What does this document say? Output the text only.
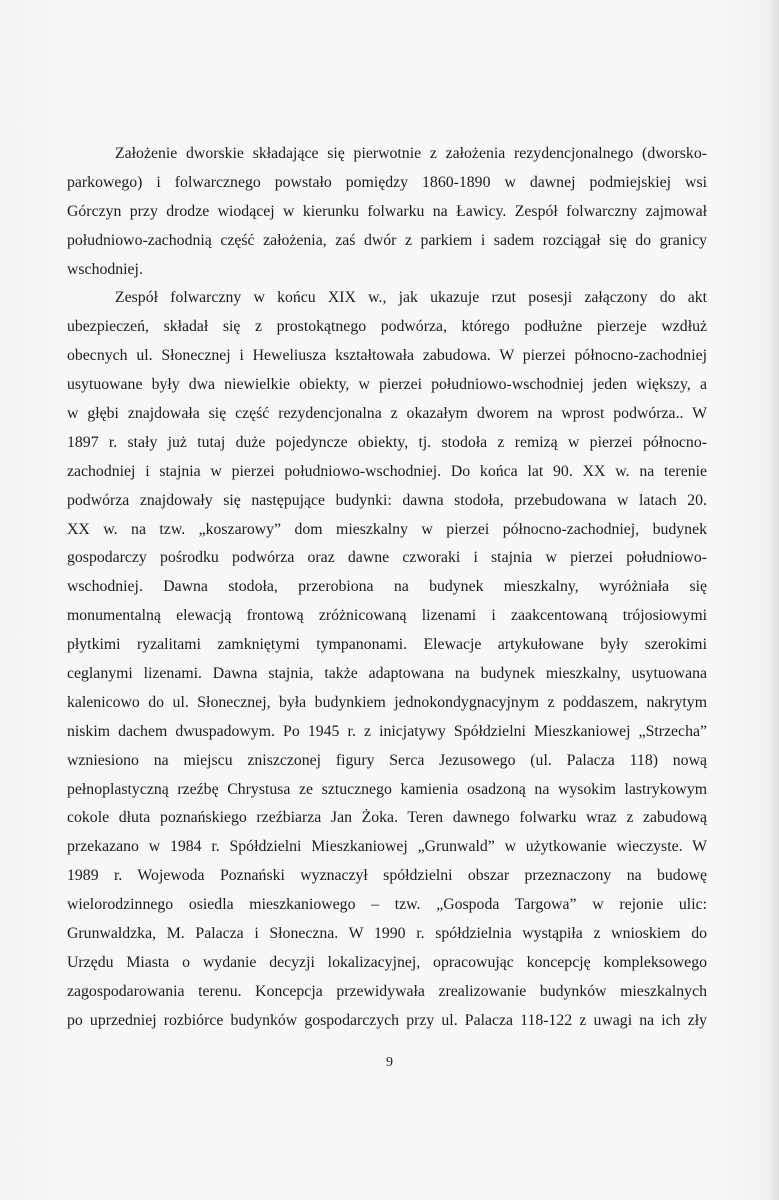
Założenie dworskie składające się pierwotnie z założenia rezydencjonalnego (dworsko-
parkowego) i folwarcznego powstało pomiędzy 1860-1890 w dawnej podmiejskiej wsi
Górczyn przy drodze wiodącej w kierunku folwarku na Ławicy. Zespół folwarczny zajmował
południowo-zachodnią część założenia, zaś dwór z parkiem i sadem rozciągał się do granicy
wschodniej.
Zespół folwarczny w końcu XIX w., jak ukazuje rzut posesji załączony do akt
ubezpieczeń, składał się z prostokątnego podwórza, którego podłużne pierzeje wzdłuż
obecnych ul. Słonecznej i Heweliusza kształtowała zabudowa. W pierzei północno-zachodniej
usytuowane były dwa niewielkie obiekty, w pierzei południowo-wschodniej jeden większy, a
w głębi znajdowała się część rezydencjonalna z okazałym dworem na wprost podwórza.. W
1897 r. stały już tutaj duże pojedyncze obiekty, tj. stodoła z remizą w pierzei północno-
zachodniej i stajnia w pierzei południowo-wschodniej. Do końca lat 90. XX w. na terenie
podwórza znajdowały się następujące budynki: dawna stodoła, przebudowana w latach 20.
XX w. na tzw. „koszarowy” dom mieszkalny w pierzei północno-zachodniej, budynek
gospodarczy pośrodku podwórza oraz dawne czworaki i stajnia w pierzei południowo-
wschodniej. Dawna stodoła, przerobiona na budynek mieszkalny, wyróżniała się
monumentalną elewacją frontową zróżnicowaną lizenami i zaakcentowaną trójosiowymi
płytkimi ryzalitami zamkniętymi tympanonami. Elewacje artykułowane były szerokimi
ceglanymi lizenami. Dawna stajnia, także adaptowana na budynek mieszkalny, usytuowana
kalenicowo do ul. Słonecznej, była budynkiem jednokondygnacyjnym z poddaszem, nakrytym
niskim dachem dwuspadowym. Po 1945 r. z inicjatywy Spółdzielni Mieszkaniowej „Strzecha”
wzniesiono na miejscu zniszczonej figury Serca Jezusowego (ul. Palacza 118) nową
pełnoplastyczną rzeźbę Chrystusa ze sztucznego kamienia osadzoną na wysokim lastrykowym
cokole dłuta poznańskiego rzeźbiarza Jan Żoka. Teren dawnego folwarku wraz z zabudową
przekazano w 1984 r. Spółdzielni Mieszkaniowej „Grunwald” w użytkowanie wieczyste. W
1989 r. Wojewoda Poznański wyznaczył spółdzielni obszar przeznaczony na budowę
wielorodzinnego osiedla mieszkaniowego – tzw. „Gospoda Targowa” w rejonie ulic:
Grunwaldzka, M. Palacza i Słoneczna. W 1990 r. spółdzielnia wystąpiła z wnioskiem do
Urzędu Miasta o wydanie decyzji lokalizacyjnej, opracowując koncepcję kompleksowego
zagospodarowania terenu. Koncepcja przewidywała zrealizowanie budynków mieszkalnych
po uprzedniej rozbiórce budynków gospodarczych przy ul. Palacza 118-122 z uwagi na ich zły
9
